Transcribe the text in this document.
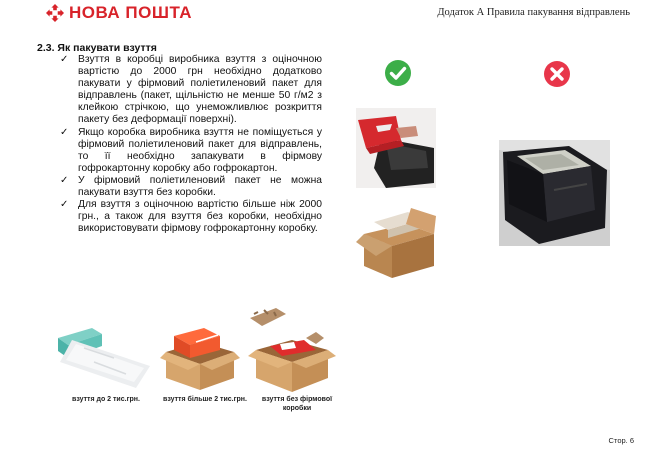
НОВА ПОШТА	Додаток А Правила пакування відправлень
2.3. Як пакувати взуття
✓ Взуття в коробці виробника взуття з оціночною вартістю до 2000 грн необхідно додатково пакувати у фірмовий поліетиленовий пакет для відправлень (пакет, щільністю не менше 50 г/м2 з клейкою стрічкою, що унеможливлює розкриття пакету без деформації поверхні).
✓ Якщо коробка виробника взуття не поміщується у фірмовий поліетиленовий пакет для відправлень, то її необхідно запакувати в фірмову гофрокартонну коробку або гофрокартон.
✓ У фірмовий поліетиленовий пакет не можна пакувати взуття без коробки.
✓ Для взуття з оціночною вартістю більше ніж 2000 грн., а також для взуття без коробки, необхідно використовувати фірмову гофрокартонну коробку.
взуття до 2 тис.грн.	взуття більше 2 тис.грн.	взуття без фірмової коробки
Стор. 6
